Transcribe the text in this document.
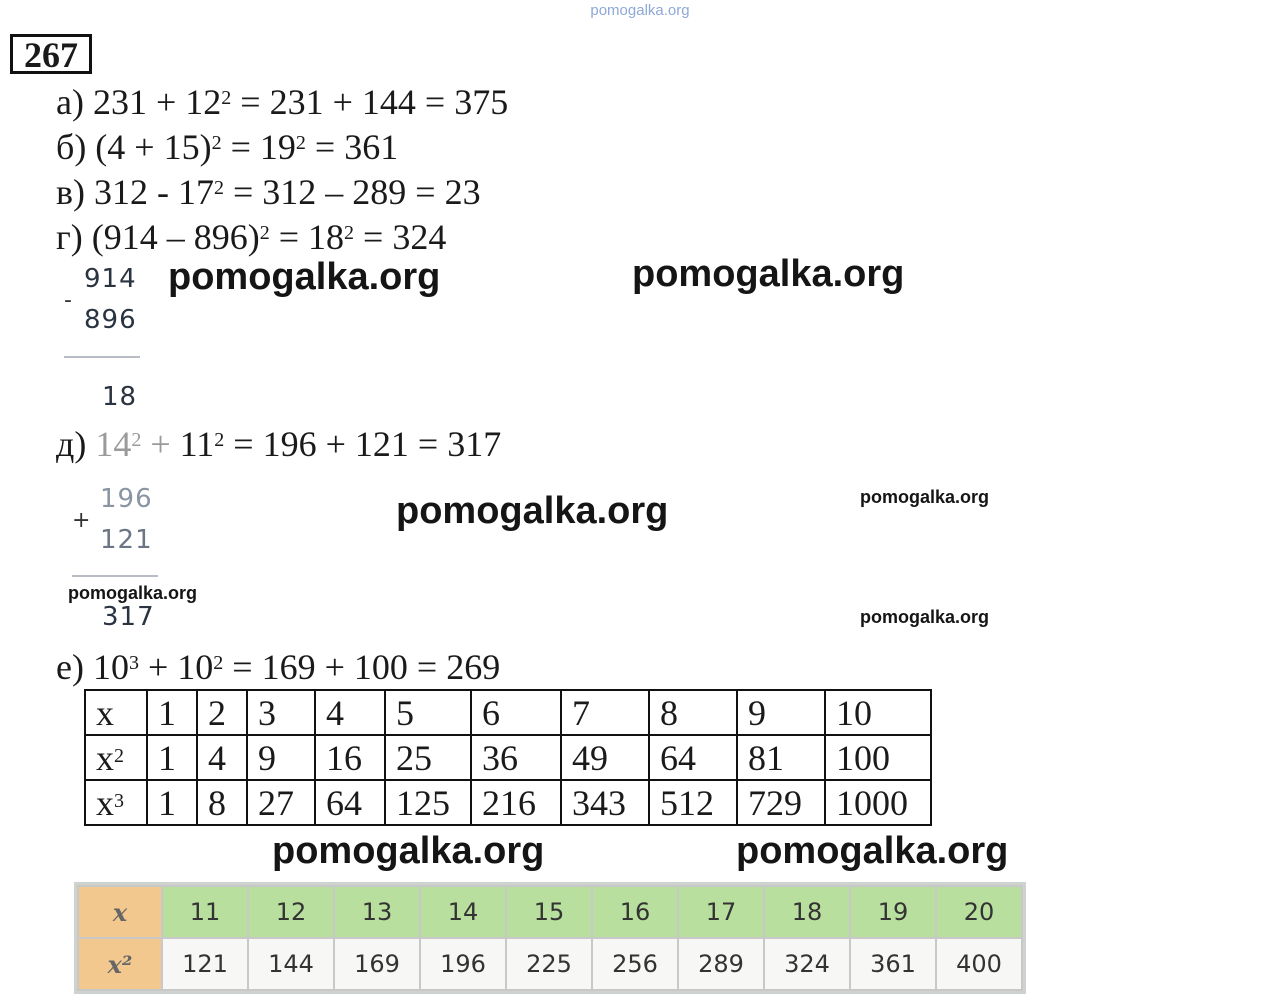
pomogalka.org
267
а) $231 + 12^2 = 231 + 144 = 375$
б) $(4 + 15)^2 = 19^2 = 361$
в) $312 - 17^2 = 312 - 289 = 23$
г) $(914 - 896)^2 = 18^2 = 324$
-
914
896
18
pomogalka.org	pomogalka.org
д) $14^2 + 11^2 = 196 + 121 = 317$
+
196
121
317
pomogalka.org	pomogalka.org
pomogalka.org
pomogalka.org
е) $10^3 + 10^2 = 169 + 100 = 269$
x	1	2	3	4	5	6	7	8	9	10
$x^2$	1	4	9	16	25	36	49	64	81	100
$x^3$	1	8	27	64	125	216	343	512	729	1000
pomogalka.org	pomogalka.org
x	11	12	13	14	15	16	17	18	19	20
x²	121	144	169	196	225	256	289	324	361	400
